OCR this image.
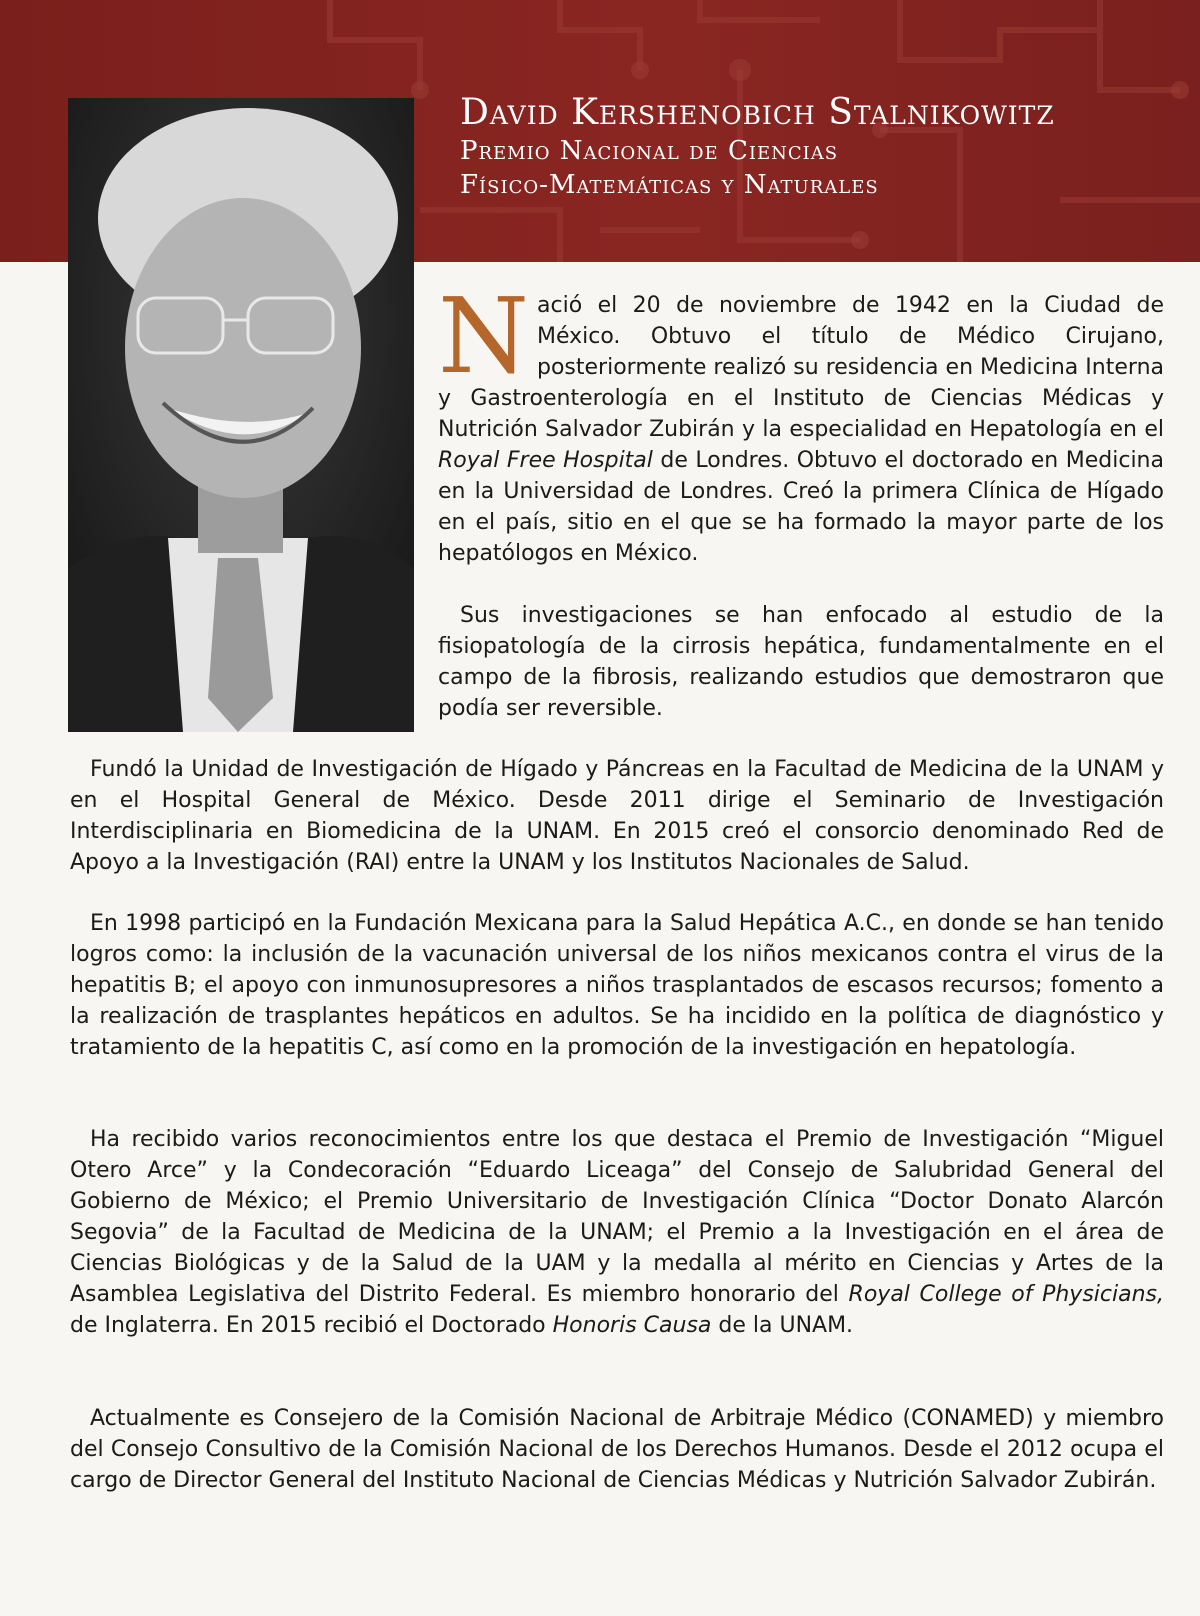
David Kershenobich Stalnikowitz
Premio Nacional de Ciencias
Físico-Matemáticas y Naturales

Nació el 20 de noviembre de 1942 en la Ciudad de México. Obtuvo el título de Médico Cirujano, posteriormente realizó su residencia en Medicina Interna y Gastroenterología en el Instituto de Ciencias Médicas y Nutrición Salvador Zubirán y la especialidad en Hepatología en el Royal Free Hospital de Londres. Obtuvo el doctorado en Medicina en la Universidad de Londres. Creó la primera Clínica de Hígado en el país, sitio en el que se ha formado la mayor parte de los hepatólogos en México.

Sus investigaciones se han enfocado al estudio de la fisiopatología de la cirrosis hepática, fundamentalmente en el campo de la fibrosis, realizando estudios que demostraron que podía ser reversible.

Fundó la Unidad de Investigación de Hígado y Páncreas en la Facultad de Medicina de la UNAM y en el Hospital General de México. Desde 2011 dirige el Seminario de Investigación Interdisciplinaria en Biomedicina de la UNAM. En 2015 creó el consorcio denominado Red de Apoyo a la Investigación (RAI) entre la UNAM y los Institutos Nacionales de Salud.

En 1998 participó en la Fundación Mexicana para la Salud Hepática A.C., en donde se han tenido logros como: la inclusión de la vacunación universal de los niños mexicanos contra el virus de la hepatitis B; el apoyo con inmunosupresores a niños trasplantados de escasos recursos; fomento a la realización de trasplantes hepáticos en adultos. Se ha incidido en la política de diagnóstico y tratamiento de la hepatitis C, así como en la promoción de la investigación en hepatología.

Ha recibido varios reconocimientos entre los que destaca el Premio de Investigación “Miguel Otero Arce” y la Condecoración “Eduardo Liceaga” del Consejo de Salubridad General del Gobierno de México; el Premio Universitario de Investigación Clínica “Doctor Donato Alarcón Segovia” de la Facultad de Medicina de la UNAM; el Premio a la Investigación en el área de Ciencias Biológicas y de la Salud de la UAM y la medalla al mérito en Ciencias y Artes de la Asamblea Legislativa del Distrito Federal. Es miembro honorario del Royal College of Physicians, de Inglaterra. En 2015 recibió el Doctorado Honoris Causa de la UNAM.

Actualmente es Consejero de la Comisión Nacional de Arbitraje Médico (CONAMED) y miembro del Consejo Consultivo de la Comisión Nacional de los Derechos Humanos. Desde el 2012 ocupa el cargo de Director General del Instituto Nacional de Ciencias Médicas y Nutrición Salvador Zubirán.
